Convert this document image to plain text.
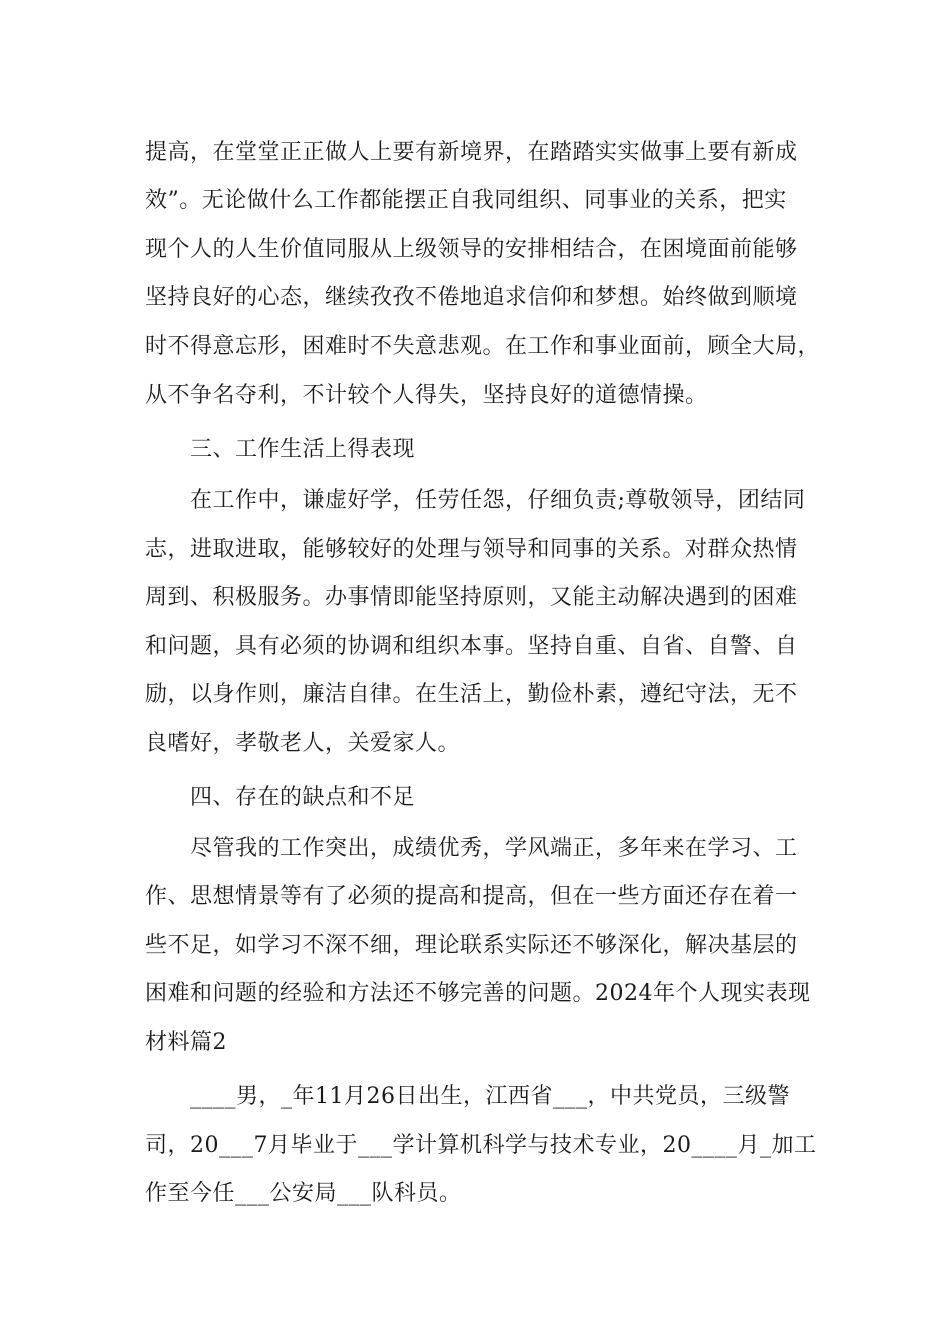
提高，在堂堂正正做人上要有新境界，在踏踏实实做事上要有新成
效”。无论做什么工作都能摆正自我同组织、同事业的关系，把实
现个人的人生价值同服从上级领导的安排相结合，在困境面前能够
坚持良好的心态，继续孜孜不倦地追求信仰和梦想。始终做到顺境
时不得意忘形，困难时不失意悲观。在工作和事业面前，顾全大局，
从不争名夺利，不计较个人得失，坚持良好的道德情操。
三、工作生活上得表现
在工作中，谦虚好学，任劳任怨，仔细负责;尊敬领导，团结同
志，进取进取，能够较好的处理与领导和同事的关系。对群众热情
周到、积极服务。办事情即能坚持原则，又能主动解决遇到的困难
和问题，具有必须的协调和组织本事。坚持自重、自省、自警、自
励，以身作则，廉洁自律。在生活上，勤俭朴素，遵纪守法，无不
良嗜好，孝敬老人，关爱家人。
四、存在的缺点和不足
尽管我的工作突出，成绩优秀，学风端正，多年来在学习、工
作、思想情景等有了必须的提高和提高，但在一些方面还存在着一
些不足，如学习不深不细，理论联系实际还不够深化，解决基层的
困难和问题的经验和方法还不够完善的问题。2024年个人现实表现
材料篇2
____男，_年11月26日出生，江西省___，中共党员，三级警
司，20___7月毕业于___学计算机科学与技术专业，20____月_加工
作至今任___公安局___队科员。
